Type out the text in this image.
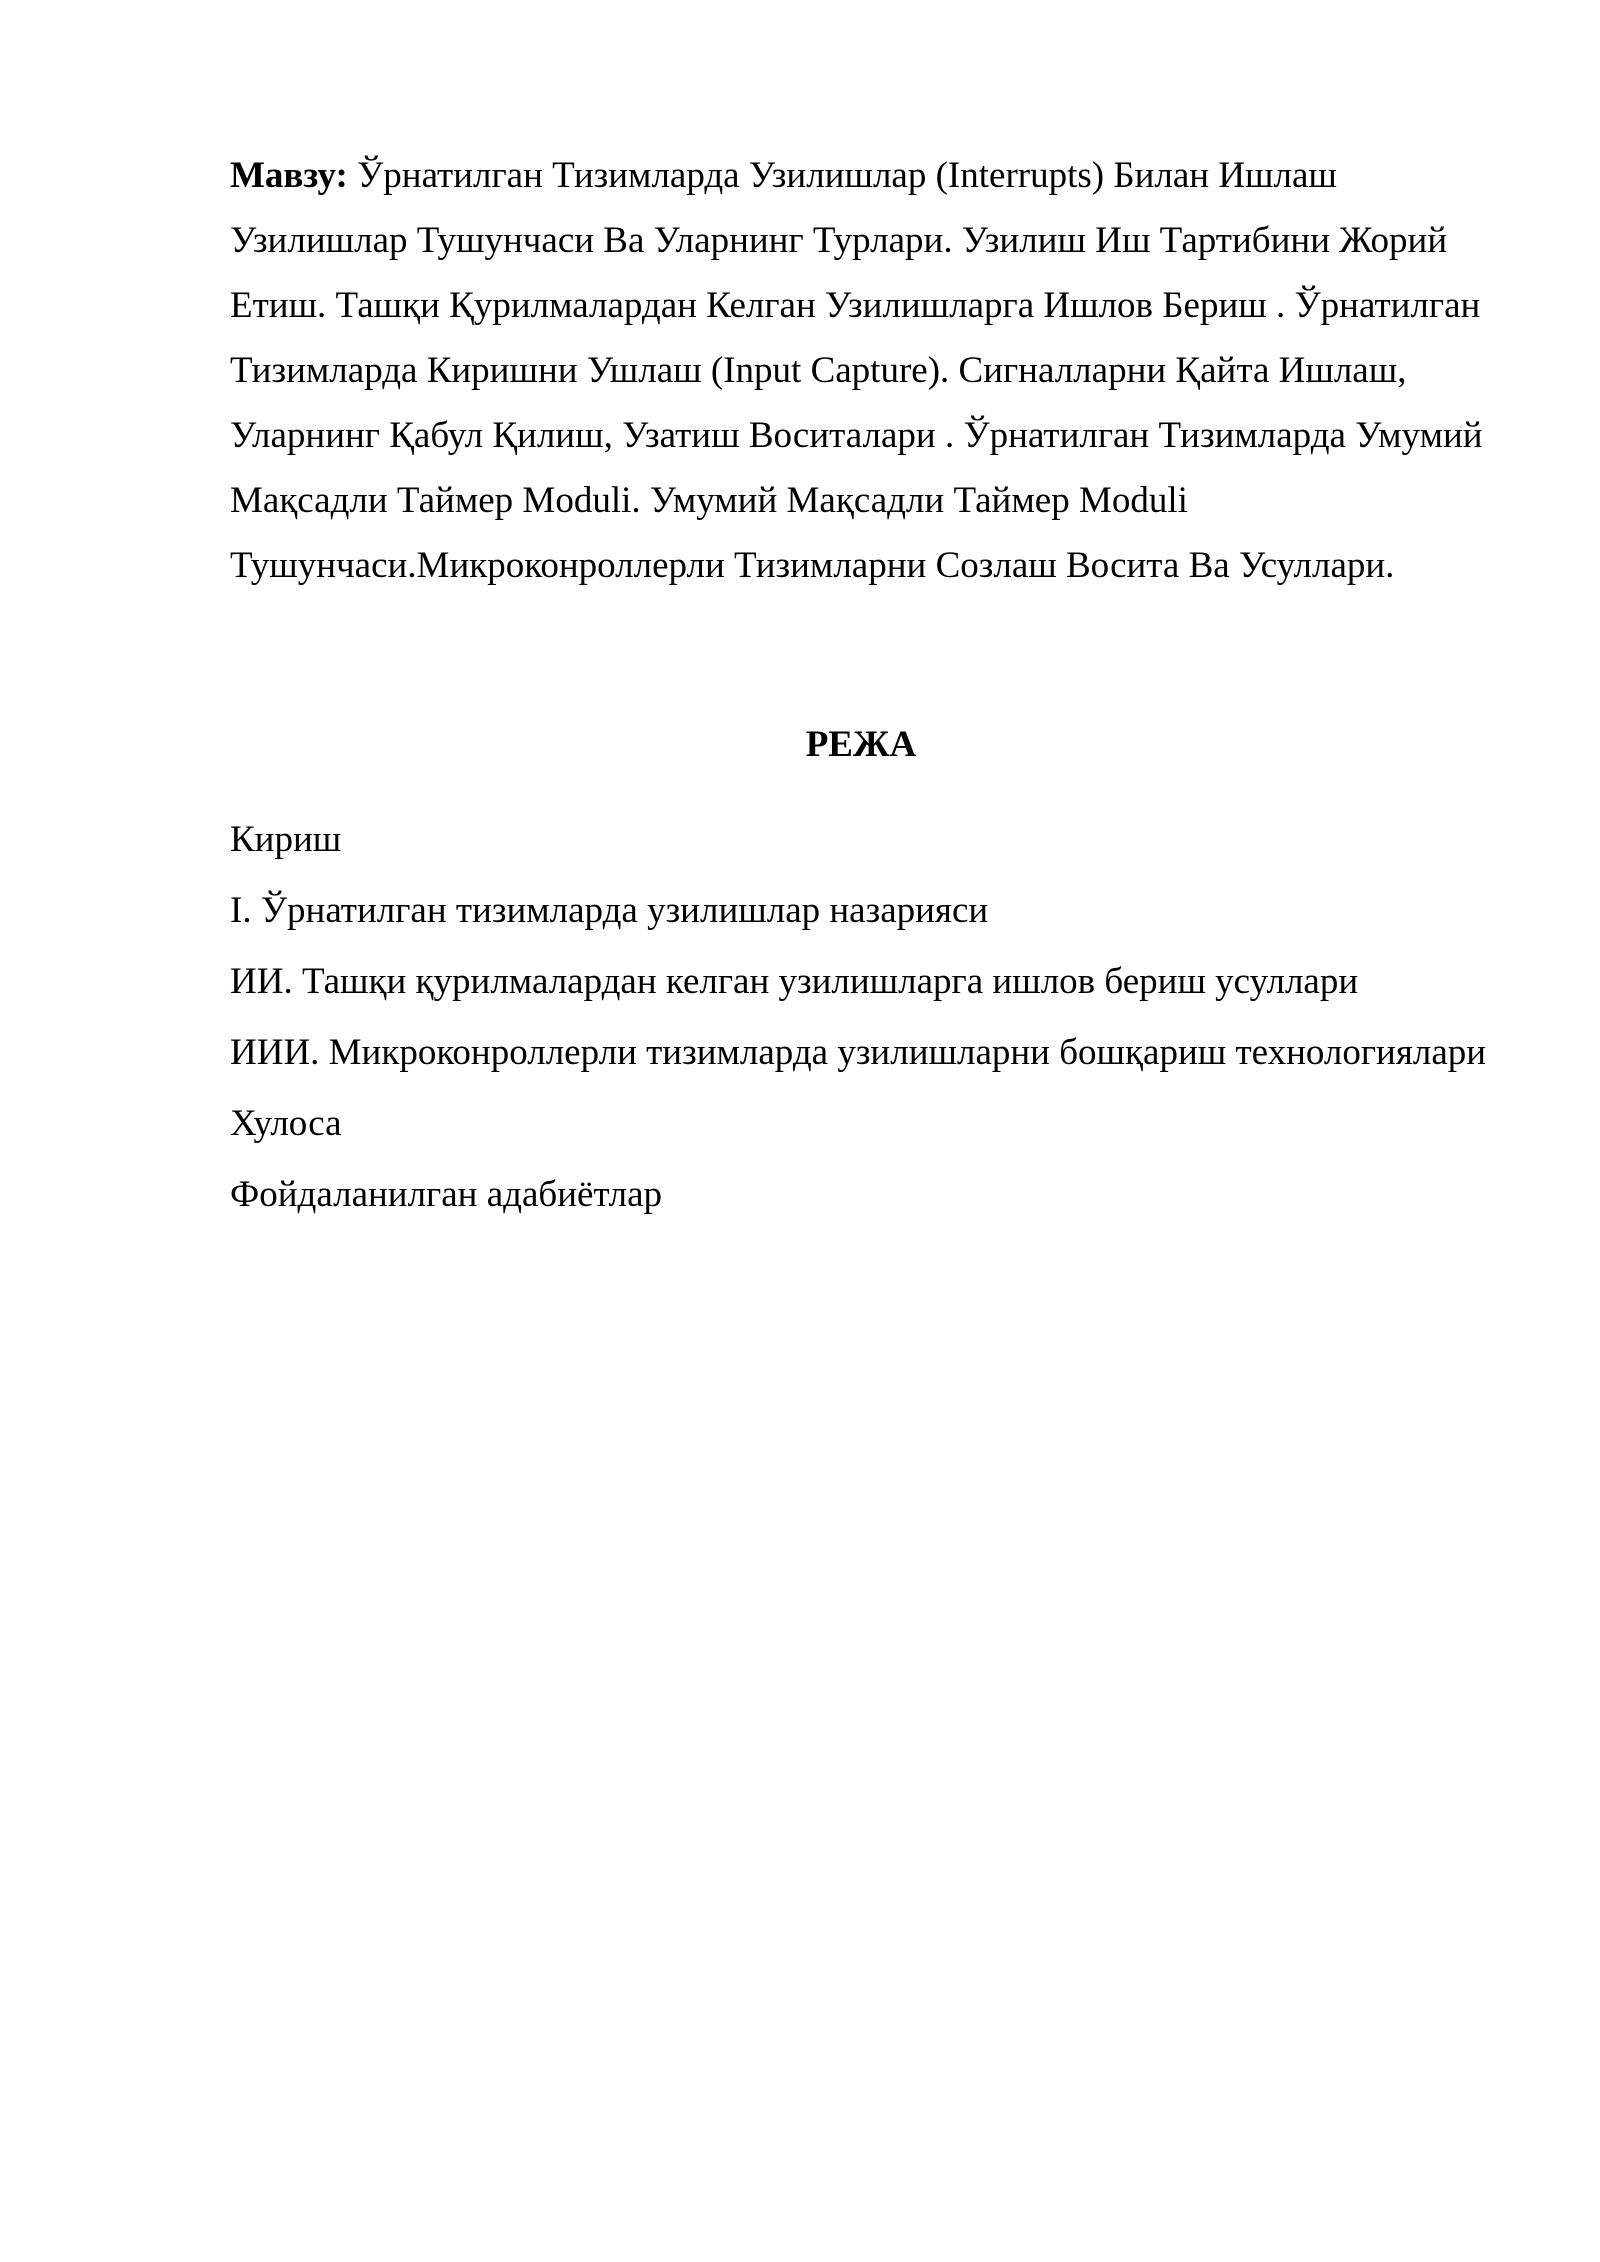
Мавзу: Ўрнатилган Тизимларда Узилишлар (Interrupts) Билан Ишлаш Узилишлар Тушунчаси Ва Уларнинг Турлари. Узилиш Иш Тартибини Жорий Етиш. Ташқи Қурилмалардан Келган Узилишларга Ишлов Бериш . Ўрнатилган Тизимларда Киришни Ушлаш (Input Capture). Сигналларни Қайта Ишлаш, Уларнинг Қабул Қилиш, Узатиш Воситалари . Ўрнатилган Тизимларда Умумий Мақсадли Таймер Moduli. Умумий Мақсадли Таймер Moduli Тушунчаси.Микроконроллерли Тизимларни Созлаш Восита Ва Усуллари.

РЕЖА
Кириш
I. Ўрнатилган тизимларда узилишлар назарияси
ИИ. Ташқи қурилмалардан келган узилишларга ишлов бериш усуллари
ИИИ. Микроконроллерли тизимларда узилишларни бошқариш технологиялари
Хулоса
Фойдаланилган адабиётлар
